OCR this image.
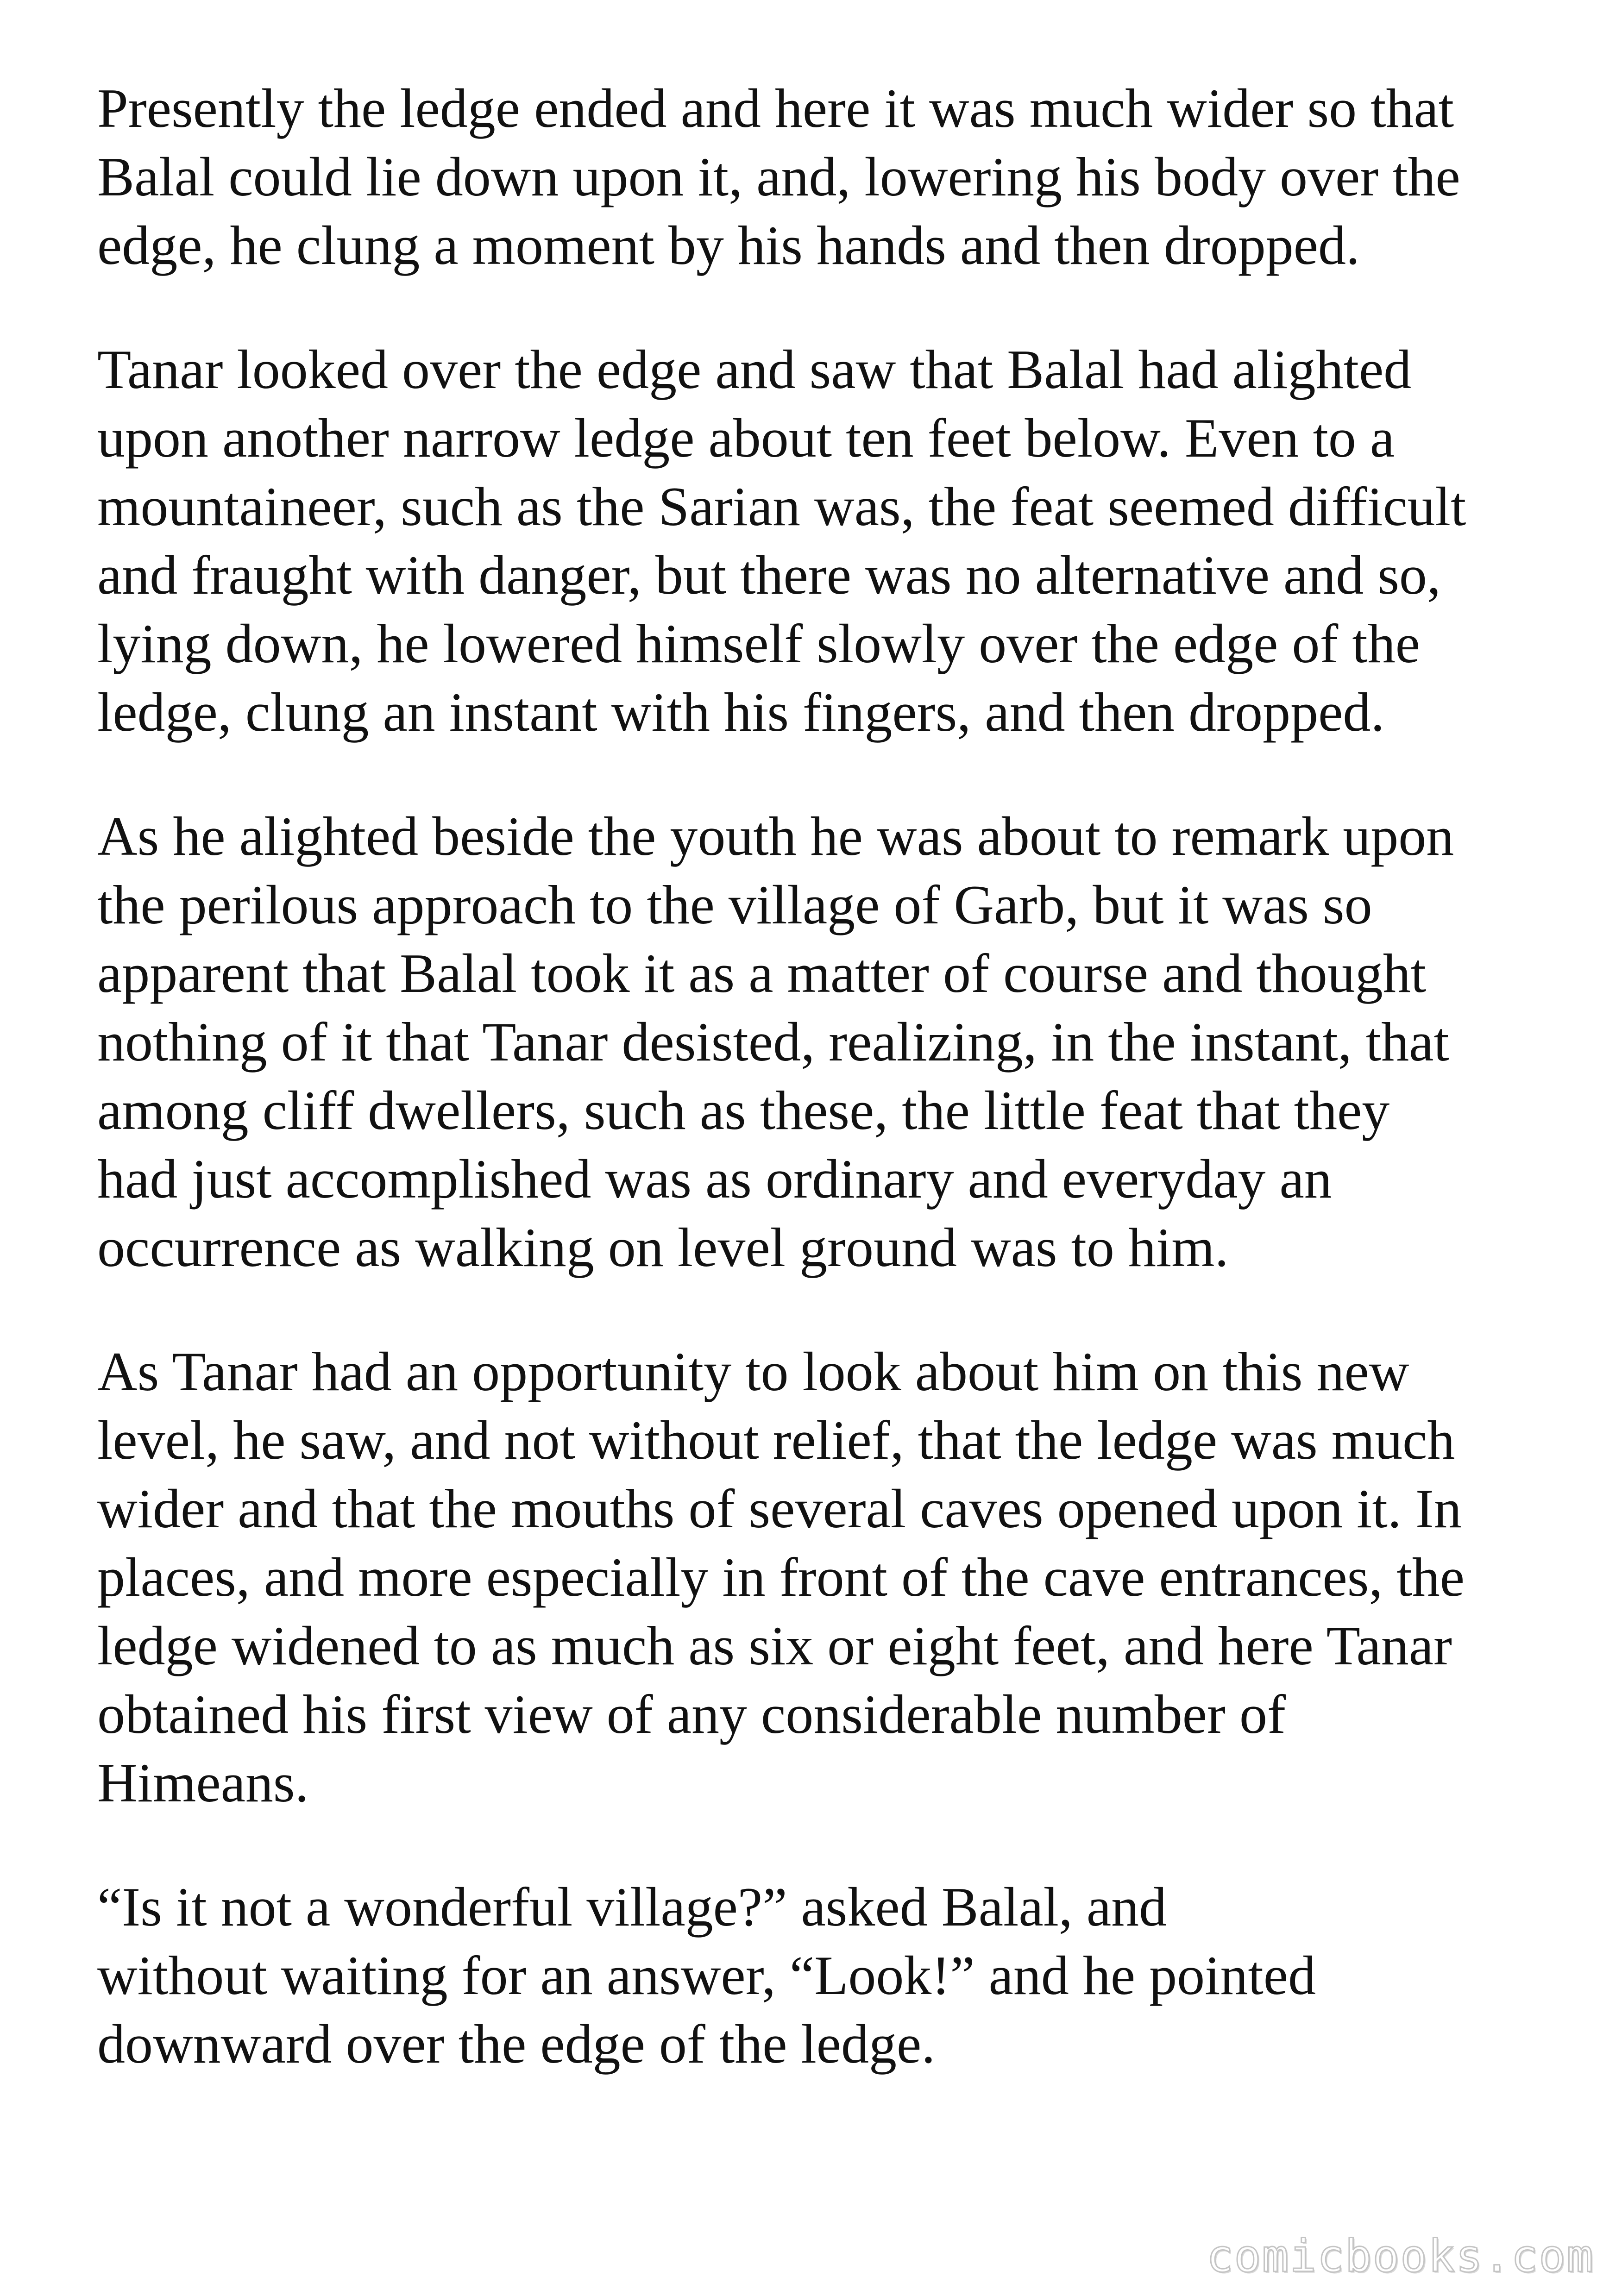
Presently the ledge ended and here it was much wider so that
Balal could lie down upon it, and, lowering his body over the
edge, he clung a moment by his hands and then dropped.

Tanar looked over the edge and saw that Balal had alighted
upon another narrow ledge about ten feet below. Even to a
mountaineer, such as the Sarian was, the feat seemed difficult
and fraught with danger, but there was no alternative and so,
lying down, he lowered himself slowly over the edge of the
ledge, clung an instant with his fingers, and then dropped.

As he alighted beside the youth he was about to remark upon
the perilous approach to the village of Garb, but it was so
apparent that Balal took it as a matter of course and thought
nothing of it that Tanar desisted, realizing, in the instant, that
among cliff dwellers, such as these, the little feat that they
had just accomplished was as ordinary and everyday an
occurrence as walking on level ground was to him.

As Tanar had an opportunity to look about him on this new
level, he saw, and not without relief, that the ledge was much
wider and that the mouths of several caves opened upon it. In
places, and more especially in front of the cave entrances, the
ledge widened to as much as six or eight feet, and here Tanar
obtained his first view of any considerable number of
Himeans.

“Is it not a wonderful village?” asked Balal, and
without waiting for an answer, “Look!” and he pointed
downward over the edge of the ledge.

comicbooks.com
